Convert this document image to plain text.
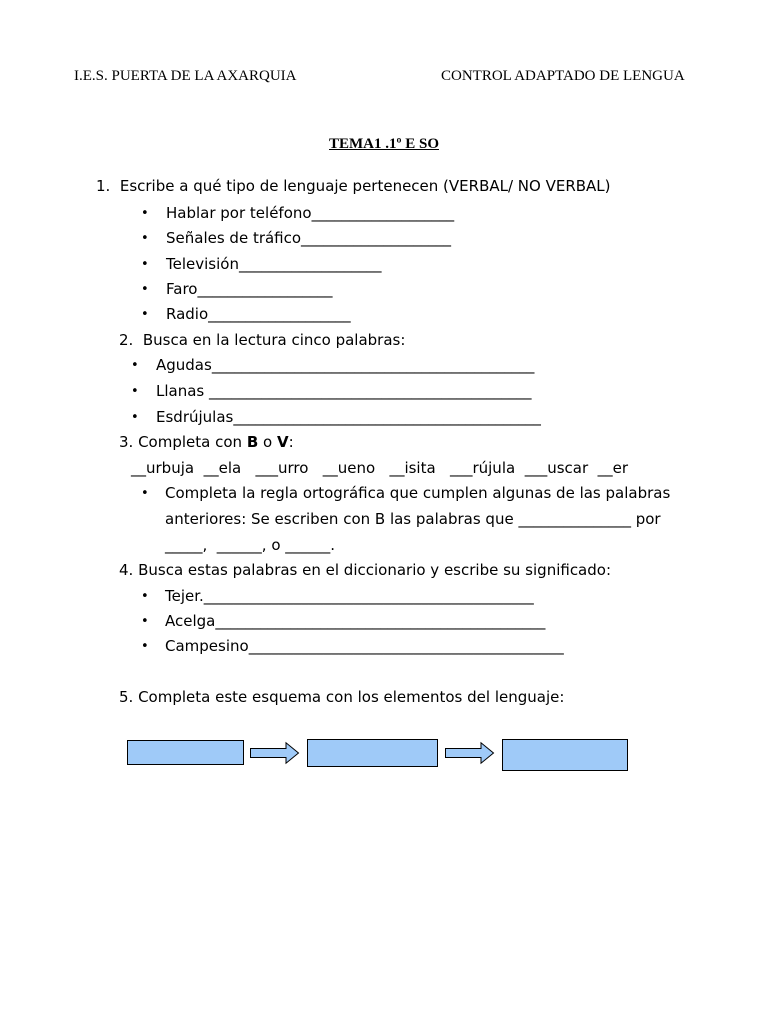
I.E.S. PUERTA DE LA AXARQUIA	CONTROL ADAPTADO DE LENGUA
TEMA1 .1º E SO
1.  Escribe a qué tipo de lenguaje pertenecen (VERBAL/ NO VERBAL)
• Hablar por teléfono___________________
• Señales de tráfico____________________
• Televisión___________________
• Faro__________________
• Radio___________________
2.  Busca en la lectura cinco palabras:
• Agudas___________________________________________
• Llanas ___________________________________________
• Esdrújulas_________________________________________
3. Completa con B o V:
__urbuja  __ela   ___urro   __ueno   __isita   ___rújula  ___uscar  __er
• Completa la regla ortográfica que cumplen algunas de las palabras
anteriores: Se escriben con B las palabras que _______________ por
_____,  ______, o ______.
4. Busca estas palabras en el diccionario y escribe su significado:
• Tejer.____________________________________________
• Acelga____________________________________________
• Campesino__________________________________________
5. Completa este esquema con los elementos del lenguaje:
